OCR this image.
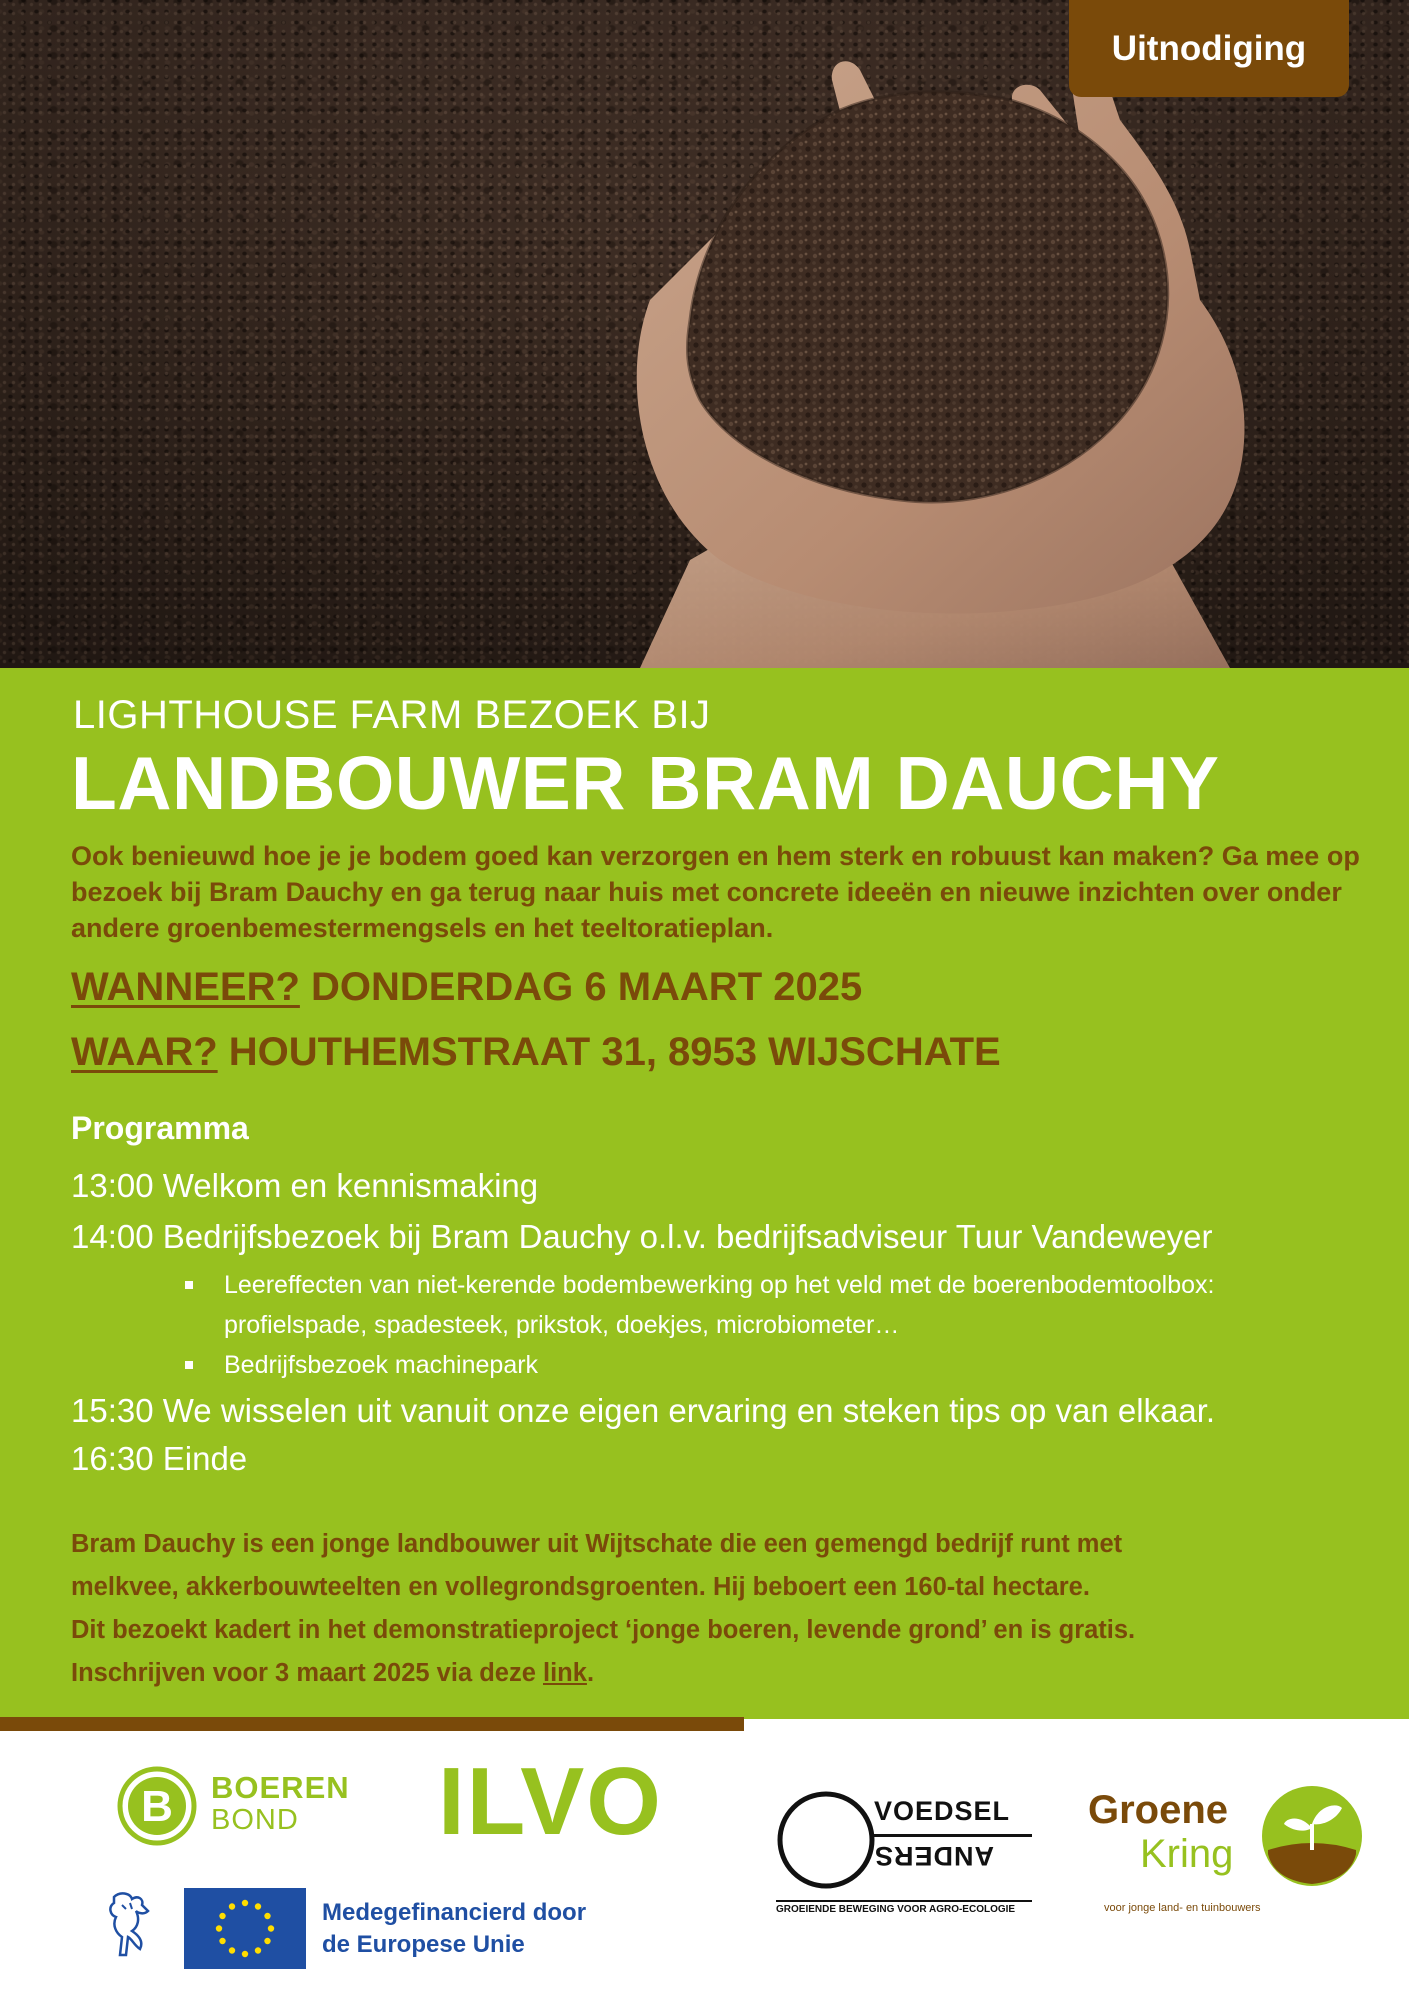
Uitnodiging
LIGHTHOUSE FARM BEZOEK BIJ
LANDBOUWER BRAM DAUCHY
Ook benieuwd hoe je je bodem goed kan verzorgen en hem sterk en robuust kan maken? Ga mee op bezoek bij Bram Dauchy en ga terug naar huis met concrete ideeën en nieuwe inzichten over onder andere groenbemestermengsels en het teeltoratieplan.
WANNEER? DONDERDAG 6 MAART 2025
WAAR? HOUTHEMSTRAAT 31, 8953 WIJSCHATE
Programma
13:00 Welkom en kennismaking
14:00 Bedrijfsbezoek bij Bram Dauchy o.l.v. bedrijfsadviseur Tuur Vandeweyer
Leereffecten van niet-kerende bodembewerking op het veld met de boerenbodemtoolbox: profielspade, spadesteek, prikstok, doekjes, microbiometer…
Bedrijfsbezoek machinepark
15:30 We wisselen uit vanuit onze eigen ervaring en steken tips op van elkaar.
16:30 Einde

Bram Dauchy is een jonge landbouwer uit Wijtschate die een gemengd bedrijf runt met

melkvee, akkerbouwteelten en vollegrondsgroenten. Hij beboert een 160-tal hectare.

Dit bezoekt kadert in het demonstratieproject ‘jonge boeren, levende grond’ en is gratis.

Inschrijven voor 3 maart 2025 via deze link.

B BOEREN
BOND ILVO	VOEDSEL
ANDERS
GROEIENDE BEWEGING VOOR AGRO-ECOLOGIE
Groene
Kring
voor jonge land- en tuinbouwers
Medegefinancierd door
de Europese Unie
